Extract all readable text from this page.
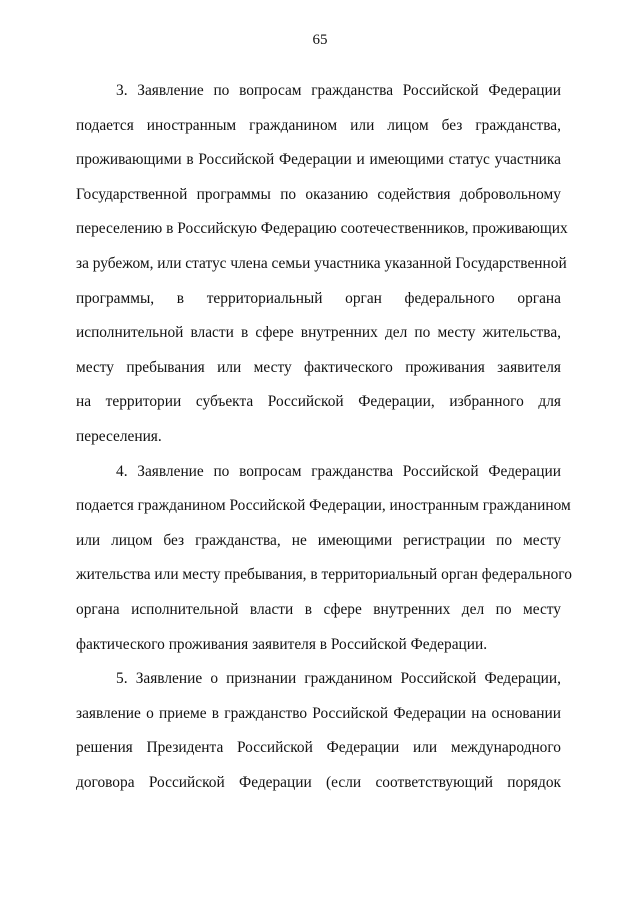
65
3. Заявление по вопросам гражданства Российской Федерации
подается иностранным гражданином или лицом без гражданства,
проживающими в Российской Федерации и имеющими статус участника
Государственной программы по оказанию содействия добровольному
переселению в Российскую Федерацию соотечественников, проживающих
за рубежом, или статус члена семьи участника указанной Государственной
программы, в территориальный орган федерального органа
исполнительной власти в сфере внутренних дел по месту жительства,
месту пребывания или месту фактического проживания заявителя
на территории субъекта Российской Федерации, избранного для
переселения.
4. Заявление по вопросам гражданства Российской Федерации
подается гражданином Российской Федерации, иностранным гражданином
или лицом без гражданства, не имеющими регистрации по месту
жительства или месту пребывания, в территориальный орган федерального
органа исполнительной власти в сфере внутренних дел по месту
фактического проживания заявителя в Российской Федерации.
5. Заявление о признании гражданином Российской Федерации,
заявление о приеме в гражданство Российской Федерации на основании
решения Президента Российской Федерации или международного
договора Российской Федерации (если соответствующий порядок
